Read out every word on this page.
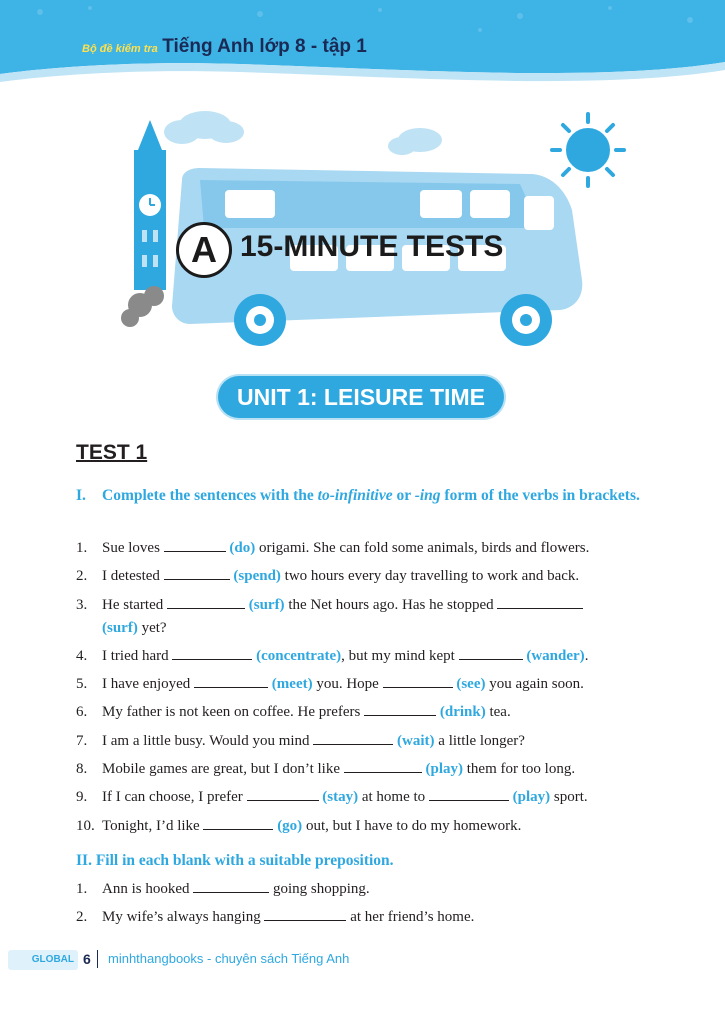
Bộ đề kiểm tra Tiếng Anh lớp 8 - tập 1
A 15-MINUTE TESTS
UNIT 1: LEISURE TIME
TEST 1
I. Complete the sentences with the to-infinitive or -ing form of the verbs in brackets.
1. Sue loves	(do) origami. She can fold some animals, birds and flowers.
2. I detested	(spend) two hours every day travelling to work and back.
3. He started	(surf) the Net hours ago. Has he stopped
(surf) yet?
4. I tried hard	(concentrate), but my mind kept	(wander).
5. I have enjoyed	(meet) you. Hope	(see) you again soon.
6. My father is not keen on coffee. He prefers	(drink) tea.
7. I am a little busy. Would you mind	(wait) a little longer?
8. Mobile games are great, but I don’t like	(play) them for too long.
9. If I can choose, I prefer	(stay) at home to	(play) sport.
10. Tonight, I’d like	(go) out, but I have to do my homework.
II. Fill in each blank with a suitable preposition.
1. Ann is hooked	going shopping.
2. My wife’s always hanging	at her friend’s home.
GLOBAL 6 minhthangbooks - chuyên sách Tiếng Anh
